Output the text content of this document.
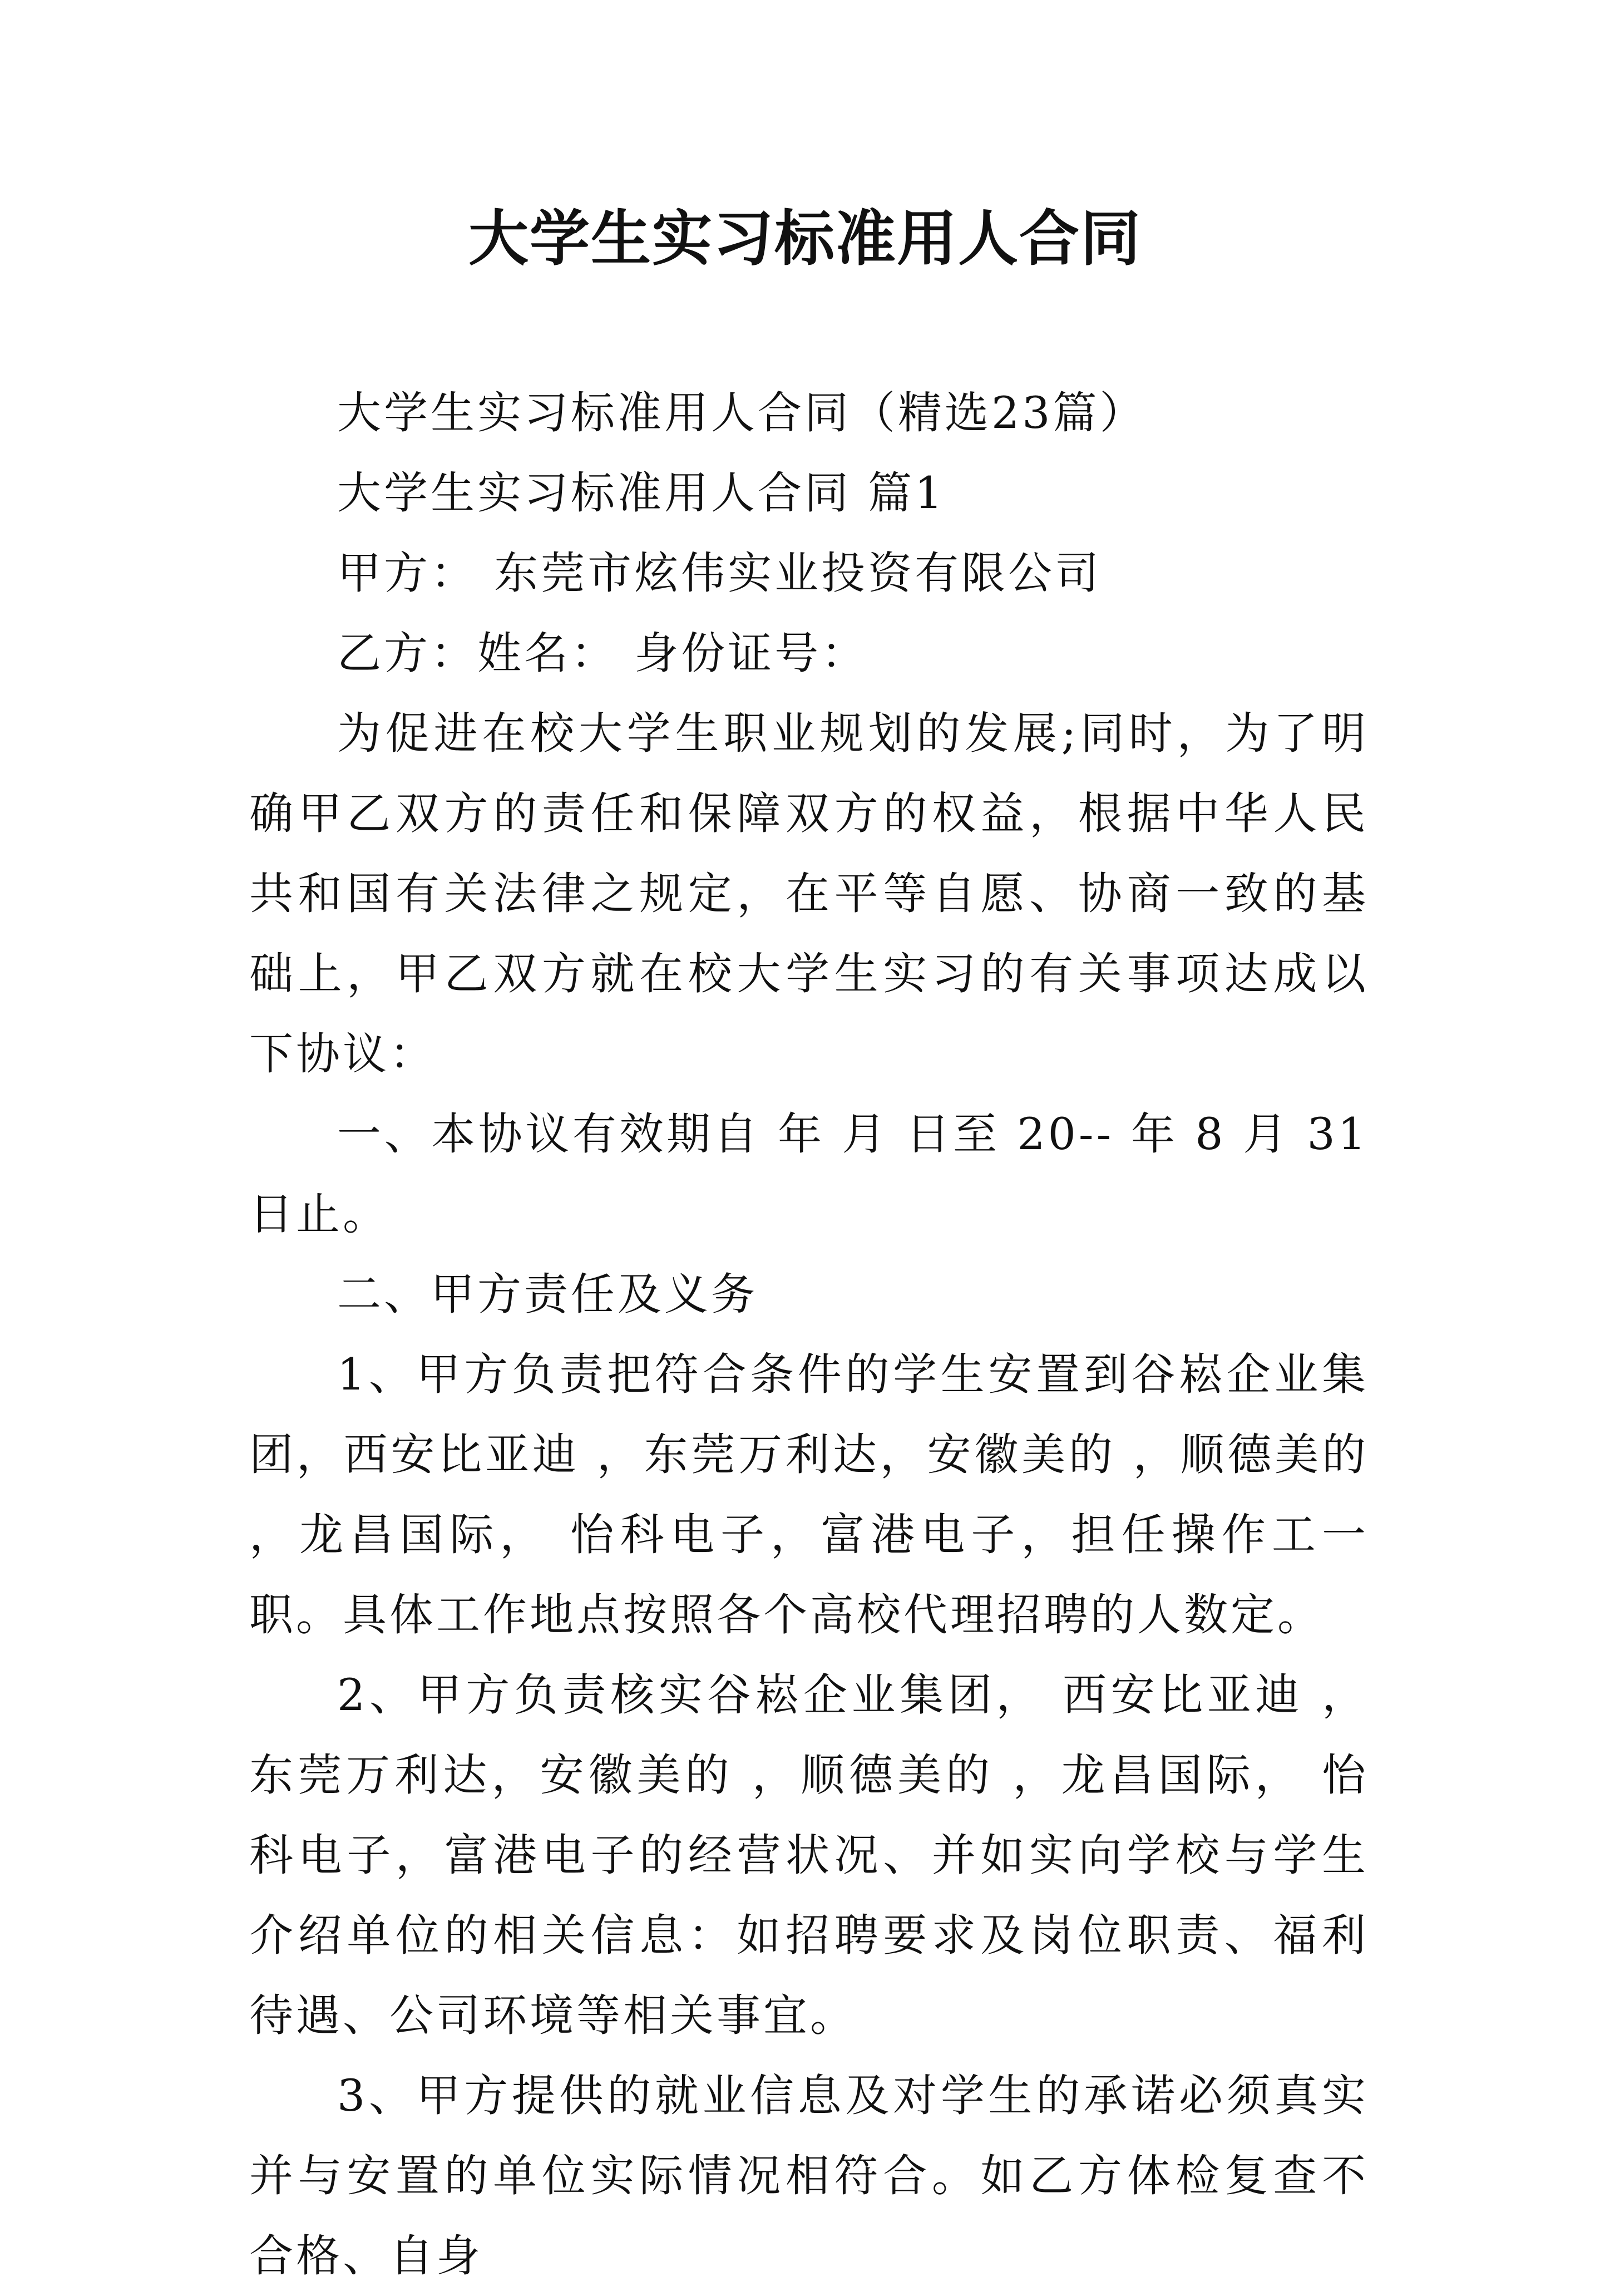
大学生实习标准用人合同

大学生实习标准用人合同（精选23篇）

大学生实习标准用人合同 篇1

甲方： 东莞市炫伟实业投资有限公司

乙方：姓名： 身份证号：

为促进在校大学生职业规划的发展;同时，为了明确甲乙双方的责任和保障双方的权益，根据中华人民共和国有关法律之规定，在平等自愿、协商一致的基础上，甲乙双方就在校大学生实习的有关事项达成以下协议：

一、本协议有效期自 年 月 日至 20-- 年 8 月 31 日止。

二、甲方责任及义务

1、甲方负责把符合条件的学生安置到谷崧企业集团，西安比亚迪 ，东莞万利达，安徽美的 ，顺德美的 ，龙昌国际， 怡科电子，富港电子，担任操作工一职。具体工作地点按照各个高校代理招聘的人数定。

2、甲方负责核实谷崧企业集团， 西安比亚迪 ，东莞万利达，安徽美的 ，顺德美的 ，龙昌国际， 怡科电子，富港电子的经营状况、并如实向学校与学生介绍单位的相关信息：如招聘要求及岗位职责、福利待遇、公司环境等相关事宜。

3、甲方提供的就业信息及对学生的承诺必须真实并与安置的单位实际情况相符合。如乙方体检复查不合格、自身
